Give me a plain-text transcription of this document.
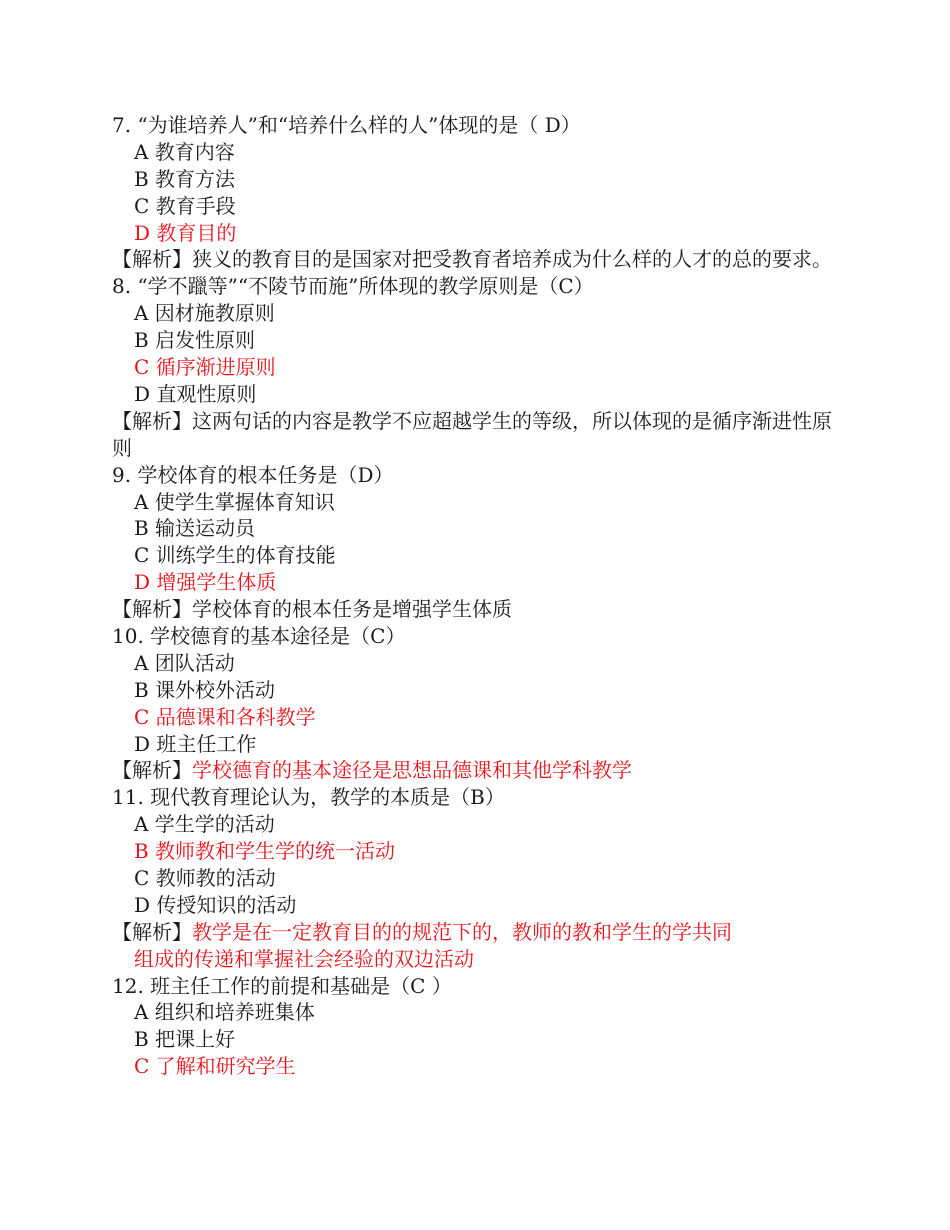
7. “为谁培养人”和“培养什么样的人”体现的是（ D）
A 教育内容
B 教育方法
C 教育手段
D 教育目的
【解析】狭义的教育目的是国家对把受教育者培养成为什么样的人才的总的要求。
8. “学不躐等”“不陵节而施”所体现的教学原则是（C）
A 因材施教原则
B 启发性原则
C 循序渐进原则
D 直观性原则
【解析】这两句话的内容是教学不应超越学生的等级，所以体现的是循序渐进性原则
9. 学校体育的根本任务是（D）
A 使学生掌握体育知识
B 输送运动员
C 训练学生的体育技能
D 增强学生体质
【解析】学校体育的根本任务是增强学生体质
10. 学校德育的基本途径是（C）
A 团队活动
B 课外校外活动
C 品德课和各科教学
D 班主任工作
【解析】学校德育的基本途径是思想品德课和其他学科教学
11. 现代教育理论认为，教学的本质是（B）
A 学生学的活动
B 教师教和学生学的统一活动
C 教师教的活动
D 传授知识的活动
【解析】教学是在一定教育目的的规范下的，教师的教和学生的学共同
组成的传递和掌握社会经验的双边活动
12. 班主任工作的前提和基础是（C ）
A 组织和培养班集体
B 把课上好
C 了解和研究学生
